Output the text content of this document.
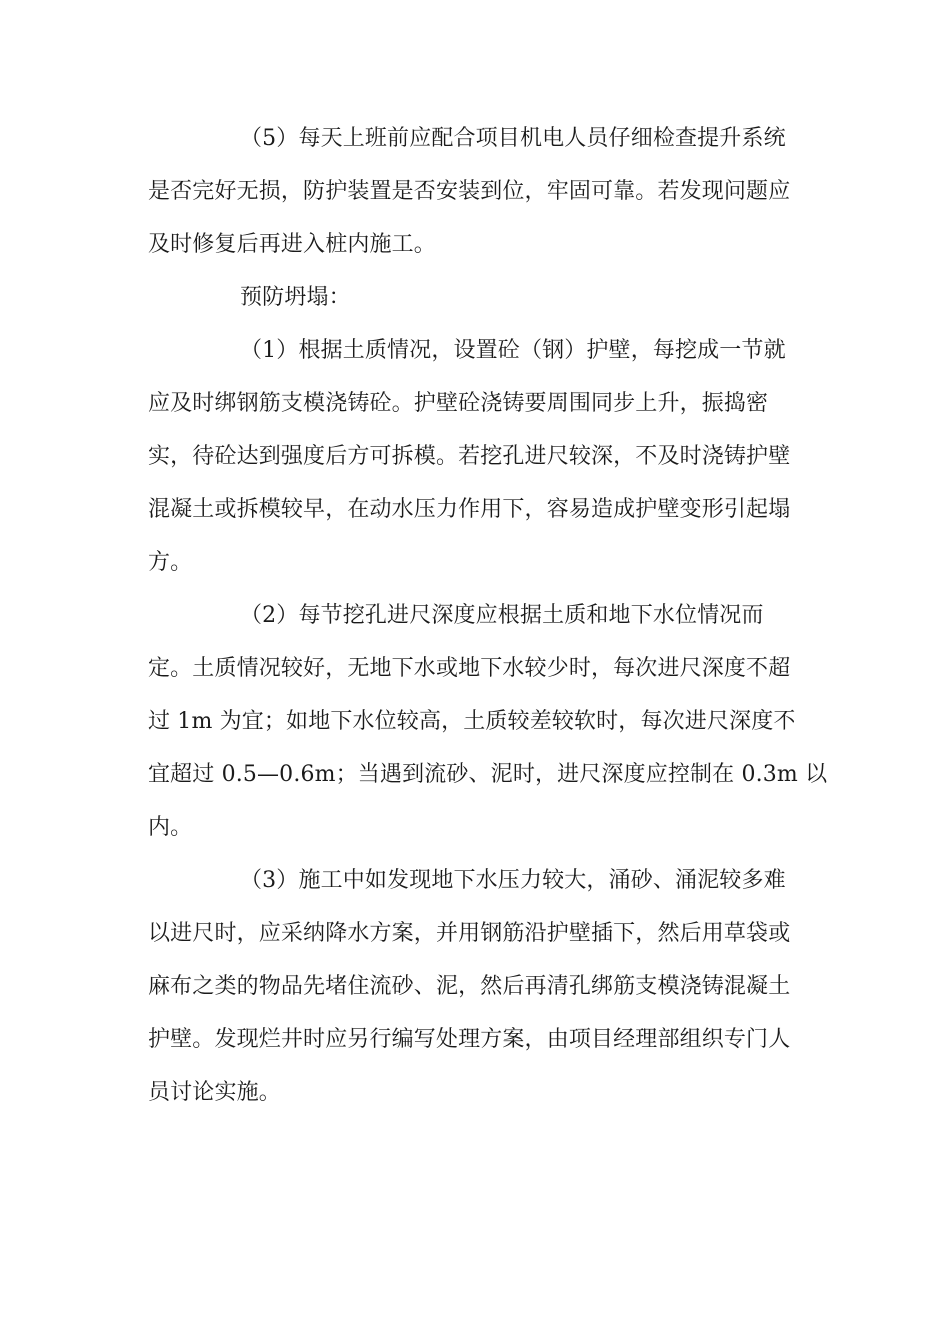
（5）每天上班前应配合项目机电人员仔细检查提升系统
是否完好无损，防护装置是否安装到位，牢固可靠。若发现问题应
及时修复后再进入桩内施工。
预防坍塌：
（1）根据土质情况，设置砼（钢）护壁，每挖成一节就
应及时绑钢筋支模浇铸砼。护壁砼浇铸要周围同步上升，振捣密
实，待砼达到强度后方可拆模。若挖孔进尺较深，不及时浇铸护壁
混凝土或拆模较早，在动水压力作用下，容易造成护壁变形引起塌
方。
（2）每节挖孔进尺深度应根据土质和地下水位情况而
定。土质情况较好，无地下水或地下水较少时，每次进尺深度不超
过 1m 为宜；如地下水位较高，土质较差较软时，每次进尺深度不
宜超过 0.5—0.6m；当遇到流砂、泥时，进尺深度应控制在 0.3m 以
内。
（3）施工中如发现地下水压力较大，涌砂、涌泥较多难
以进尺时，应采纳降水方案，并用钢筋沿护壁插下，然后用草袋或
麻布之类的物品先堵住流砂、泥，然后再清孔绑筋支模浇铸混凝土
护壁。发现烂井时应另行编写处理方案，由项目经理部组织专门人
员讨论实施。
